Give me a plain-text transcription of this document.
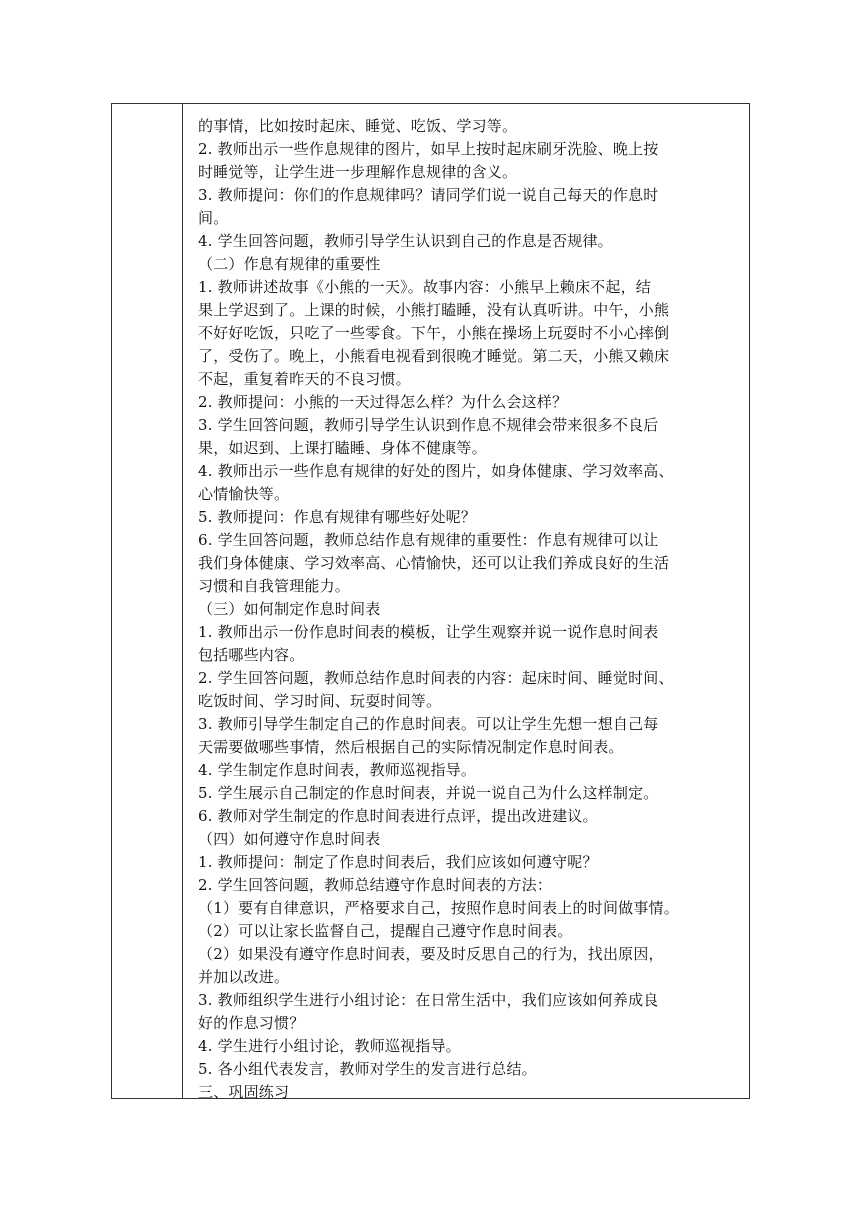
的事情，比如按时起床、睡觉、吃饭、学习等。
2. 教师出示一些作息规律的图片，如早上按时起床刷牙洗脸、晚上按
时睡觉等，让学生进一步理解作息规律的含义。
3. 教师提问：你们的作息规律吗？请同学们说一说自己每天的作息时
间。
4. 学生回答问题，教师引导学生认识到自己的作息是否规律。
（二）作息有规律的重要性
1. 教师讲述故事《小熊的一天》。故事内容：小熊早上赖床不起，结
果上学迟到了。上课的时候，小熊打瞌睡，没有认真听讲。中午，小熊
不好好吃饭，只吃了一些零食。下午，小熊在操场上玩耍时不小心摔倒
了，受伤了。晚上，小熊看电视看到很晚才睡觉。第二天，小熊又赖床
不起，重复着昨天的不良习惯。
2. 教师提问：小熊的一天过得怎么样？为什么会这样？
3. 学生回答问题，教师引导学生认识到作息不规律会带来很多不良后
果，如迟到、上课打瞌睡、身体不健康等。
4. 教师出示一些作息有规律的好处的图片，如身体健康、学习效率高、
心情愉快等。
5. 教师提问：作息有规律有哪些好处呢？
6. 学生回答问题，教师总结作息有规律的重要性：作息有规律可以让
我们身体健康、学习效率高、心情愉快，还可以让我们养成良好的生活
习惯和自我管理能力。
（三）如何制定作息时间表
1. 教师出示一份作息时间表的模板，让学生观察并说一说作息时间表
包括哪些内容。
2. 学生回答问题，教师总结作息时间表的内容：起床时间、睡觉时间、
吃饭时间、学习时间、玩耍时间等。
3. 教师引导学生制定自己的作息时间表。可以让学生先想一想自己每
天需要做哪些事情，然后根据自己的实际情况制定作息时间表。
4. 学生制定作息时间表，教师巡视指导。
5. 学生展示自己制定的作息时间表，并说一说自己为什么这样制定。
6. 教师对学生制定的作息时间表进行点评，提出改进建议。
（四）如何遵守作息时间表
1. 教师提问：制定了作息时间表后，我们应该如何遵守呢？
2. 学生回答问题，教师总结遵守作息时间表的方法：
（1）要有自律意识，严格要求自己，按照作息时间表上的时间做事情。
（2）可以让家长监督自己，提醒自己遵守作息时间表。
（2）如果没有遵守作息时间表，要及时反思自己的行为，找出原因，
并加以改进。
3. 教师组织学生进行小组讨论：在日常生活中，我们应该如何养成良
好的作息习惯？
4. 学生进行小组讨论，教师巡视指导。
5. 各小组代表发言，教师对学生的发言进行总结。
三、巩固练习
